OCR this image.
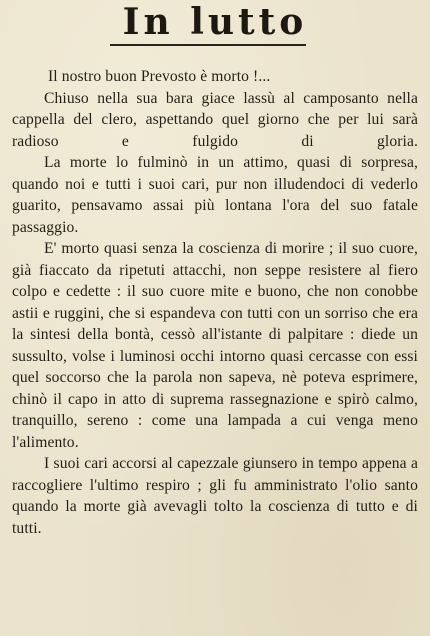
In lutto

Il nostro buon Prevosto è morto !...

Chiuso nella sua bara giace lassù al camposanto nella cappella del clero, aspettando quel giorno che per lui sarà radioso e fulgido di gloria.

La morte lo fulminò in un attimo, quasi di sorpresa, quando noi e tutti i suoi cari, pur non illudendoci di vederlo guarito, pensavamo assai più lontana l'ora del suo fatale passaggio.

E' morto quasi senza la coscienza di morire ; il suo cuore, già fiaccato da ripetuti attacchi, non seppe resistere al fiero colpo e cedette : il suo cuore mite e buono, che non conobbe astii e ruggini, che si espandeva con tutti con un sorriso che era la sintesi della bontà, cessò all'istante di palpitare : diede un sussulto, volse i luminosi occhi intorno quasi cercasse con essi quel soccorso che la parola non sapeva, nè poteva esprimere, chinò il capo in atto di suprema rassegnazione e spirò calmo, tranquillo, sereno : come una lampada a cui venga meno l'alimento.

I suoi cari accorsi al capezzale giunsero in tempo appena a raccogliere l'ultimo respiro ; gli fu amministrato l'olio santo quando la morte già avevagli tolto la coscienza di tutto e di tutti.
